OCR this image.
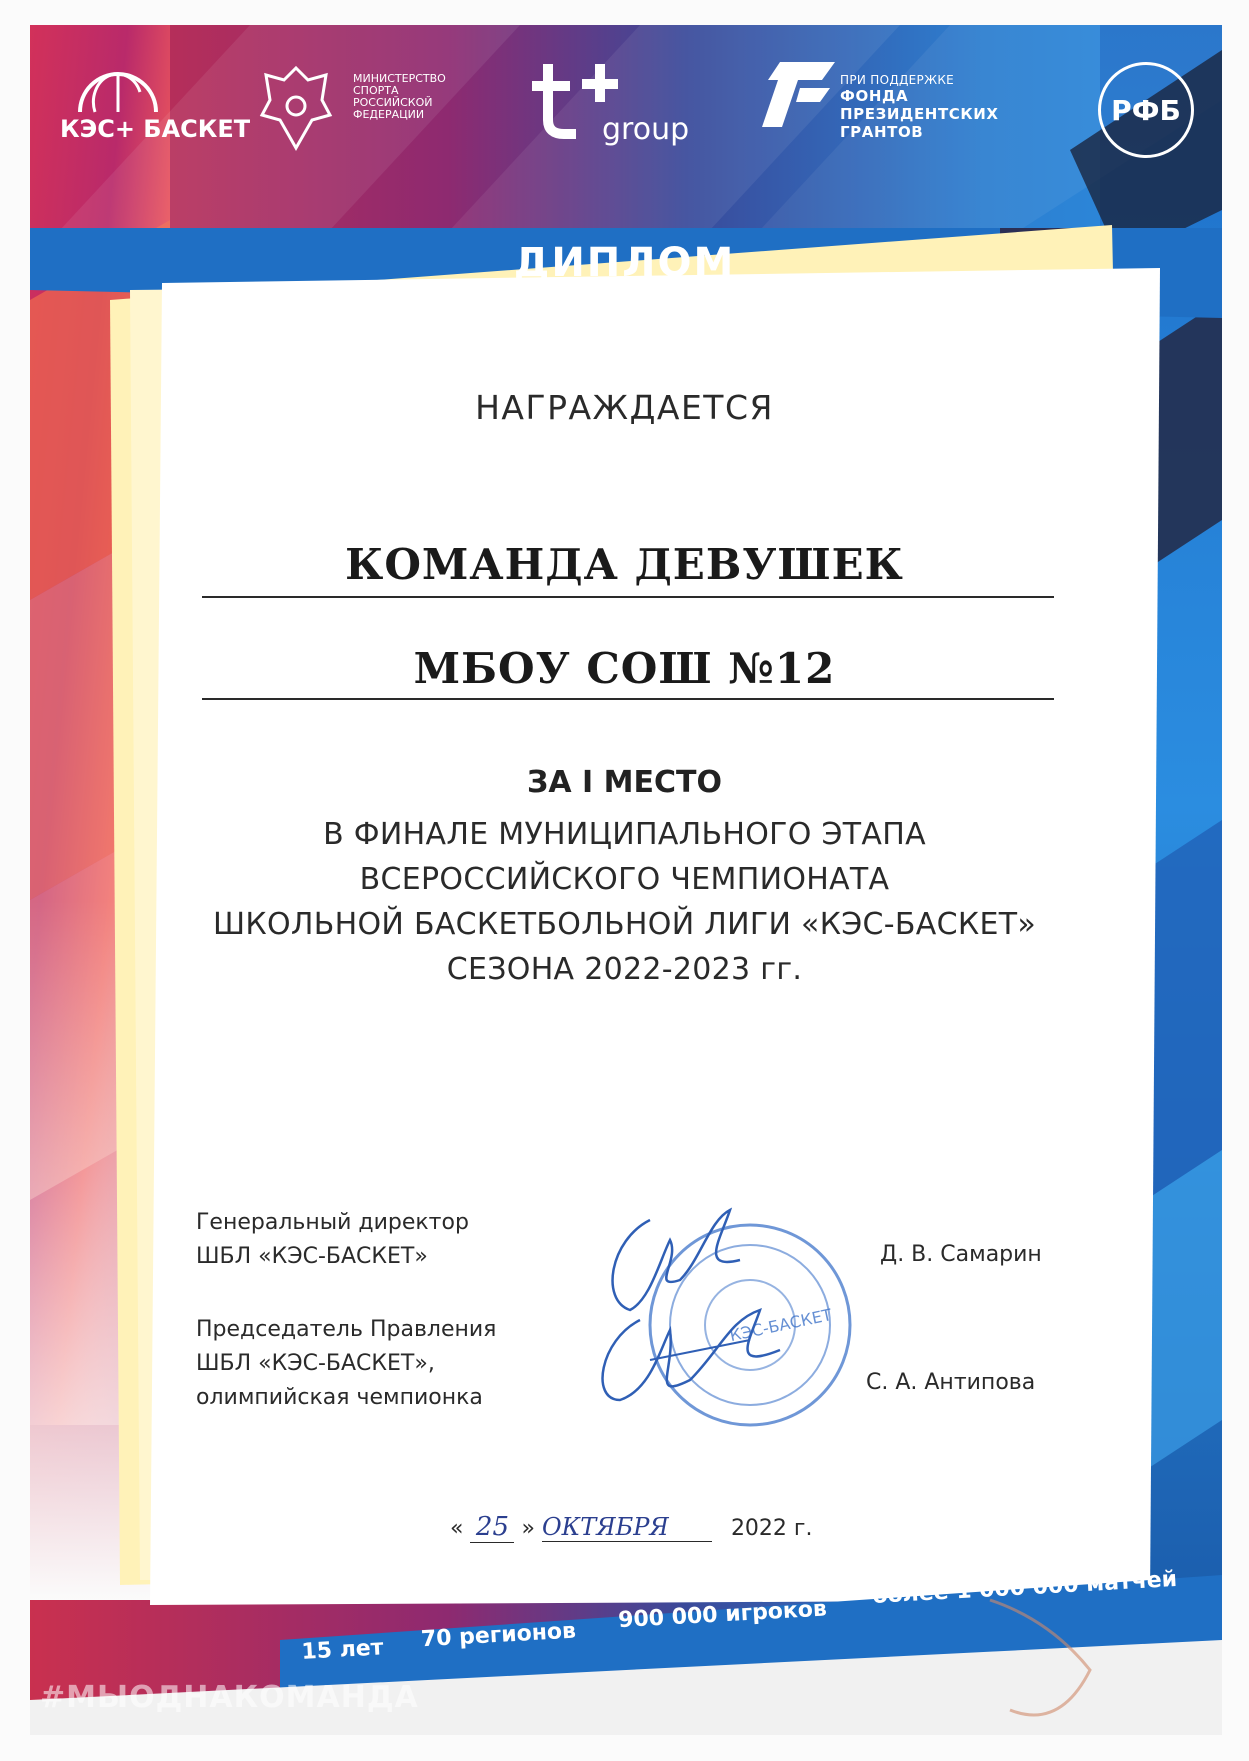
КЭС+ БАСКЕТ
МИНИСТЕРСТВО СПОРТА РОССИЙСКОЙ ФЕДЕРАЦИИ	group
ПРИ ПОДДЕРЖКЕ
ФОНДА
ПРЕЗИДЕНТСКИХ
ГРАНТОВ
РФБ
ДИПЛОМ
НАГРАЖДАЕТСЯ
КОМАНДА ДЕВУШЕК
МБОУ СОШ №12
ЗА I МЕСТО
В ФИНАЛЕ МУНИЦИПАЛЬНОГО ЭТАПА
ВСЕРОССИЙСКОГО ЧЕМПИОНАТА
ШКОЛЬНОЙ БАСКЕТБОЛЬНОЙ ЛИГИ «КЭС-БАСКЕТ»
СЕЗОНА 2022-2023 гг.
Генеральный директор
ШБЛ «КЭС-БАСКЕТ»
Председатель Правления
ШБЛ «КЭС-БАСКЕТ»,
олимпийская чемпионка
КЭС-БАСКЕТ
Д. В. Самарин
С. А. Антипова
« 25 » ОКТЯБРЯ	2022 г.
15 лет 70 регионов
900 000 игроков
более 1 000 000 матчей
#МЫОДНАКОМАНДА
